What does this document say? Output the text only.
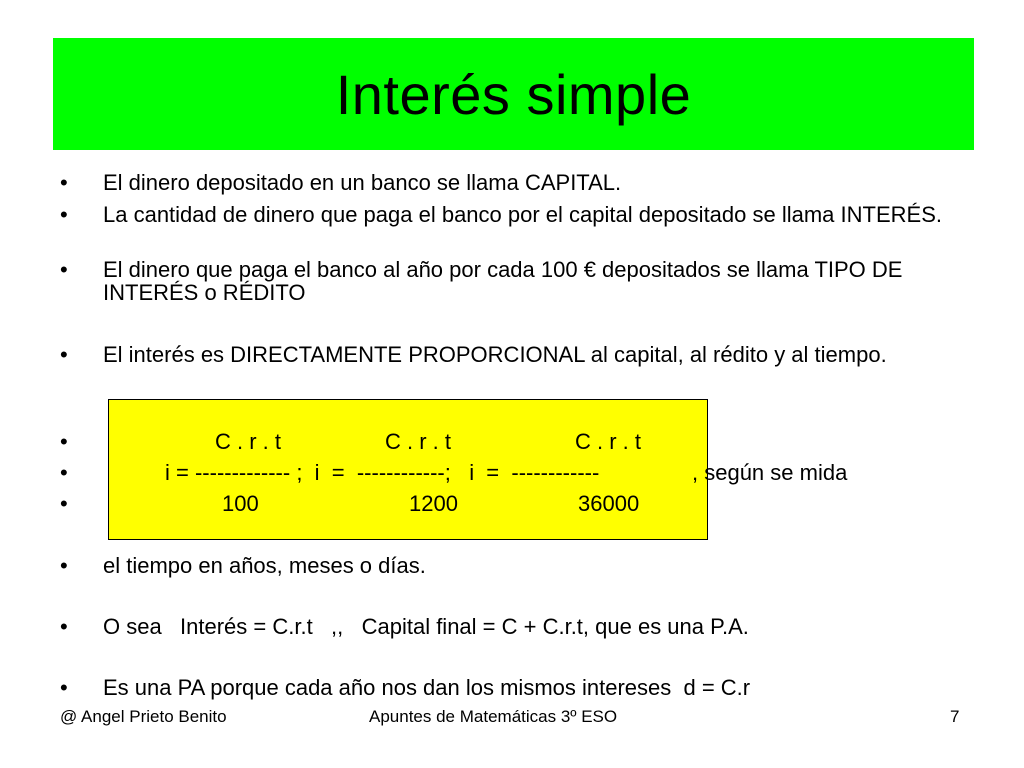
Interés simple
• El dinero depositado en un banco se llama CAPITAL.
• La cantidad de dinero que paga el banco por el capital depositado se llama INTERÉS.
• El dinero que paga el banco al año por cada 100 € depositados se llama TIPO DE INTERÉS o RÉDITO
• El interés es DIRECTAMENTE PROPORCIONAL al capital, al rédito y al tiempo.
•
•
•
C . r . t	C . r . t	C . r . t
i = ------------- ;  i  =  ------------;   i  =  ------------	, según se mida
100	1200	36000
• el tiempo en años, meses o días.
• O sea   Interés = C.r.t   ,,   Capital final = C + C.r.t, que es una P.A.
• Es una PA porque cada año nos dan los mismos intereses  d = C.r
@ Angel Prieto Benito	Apuntes de Matemáticas 3º ESO	7
